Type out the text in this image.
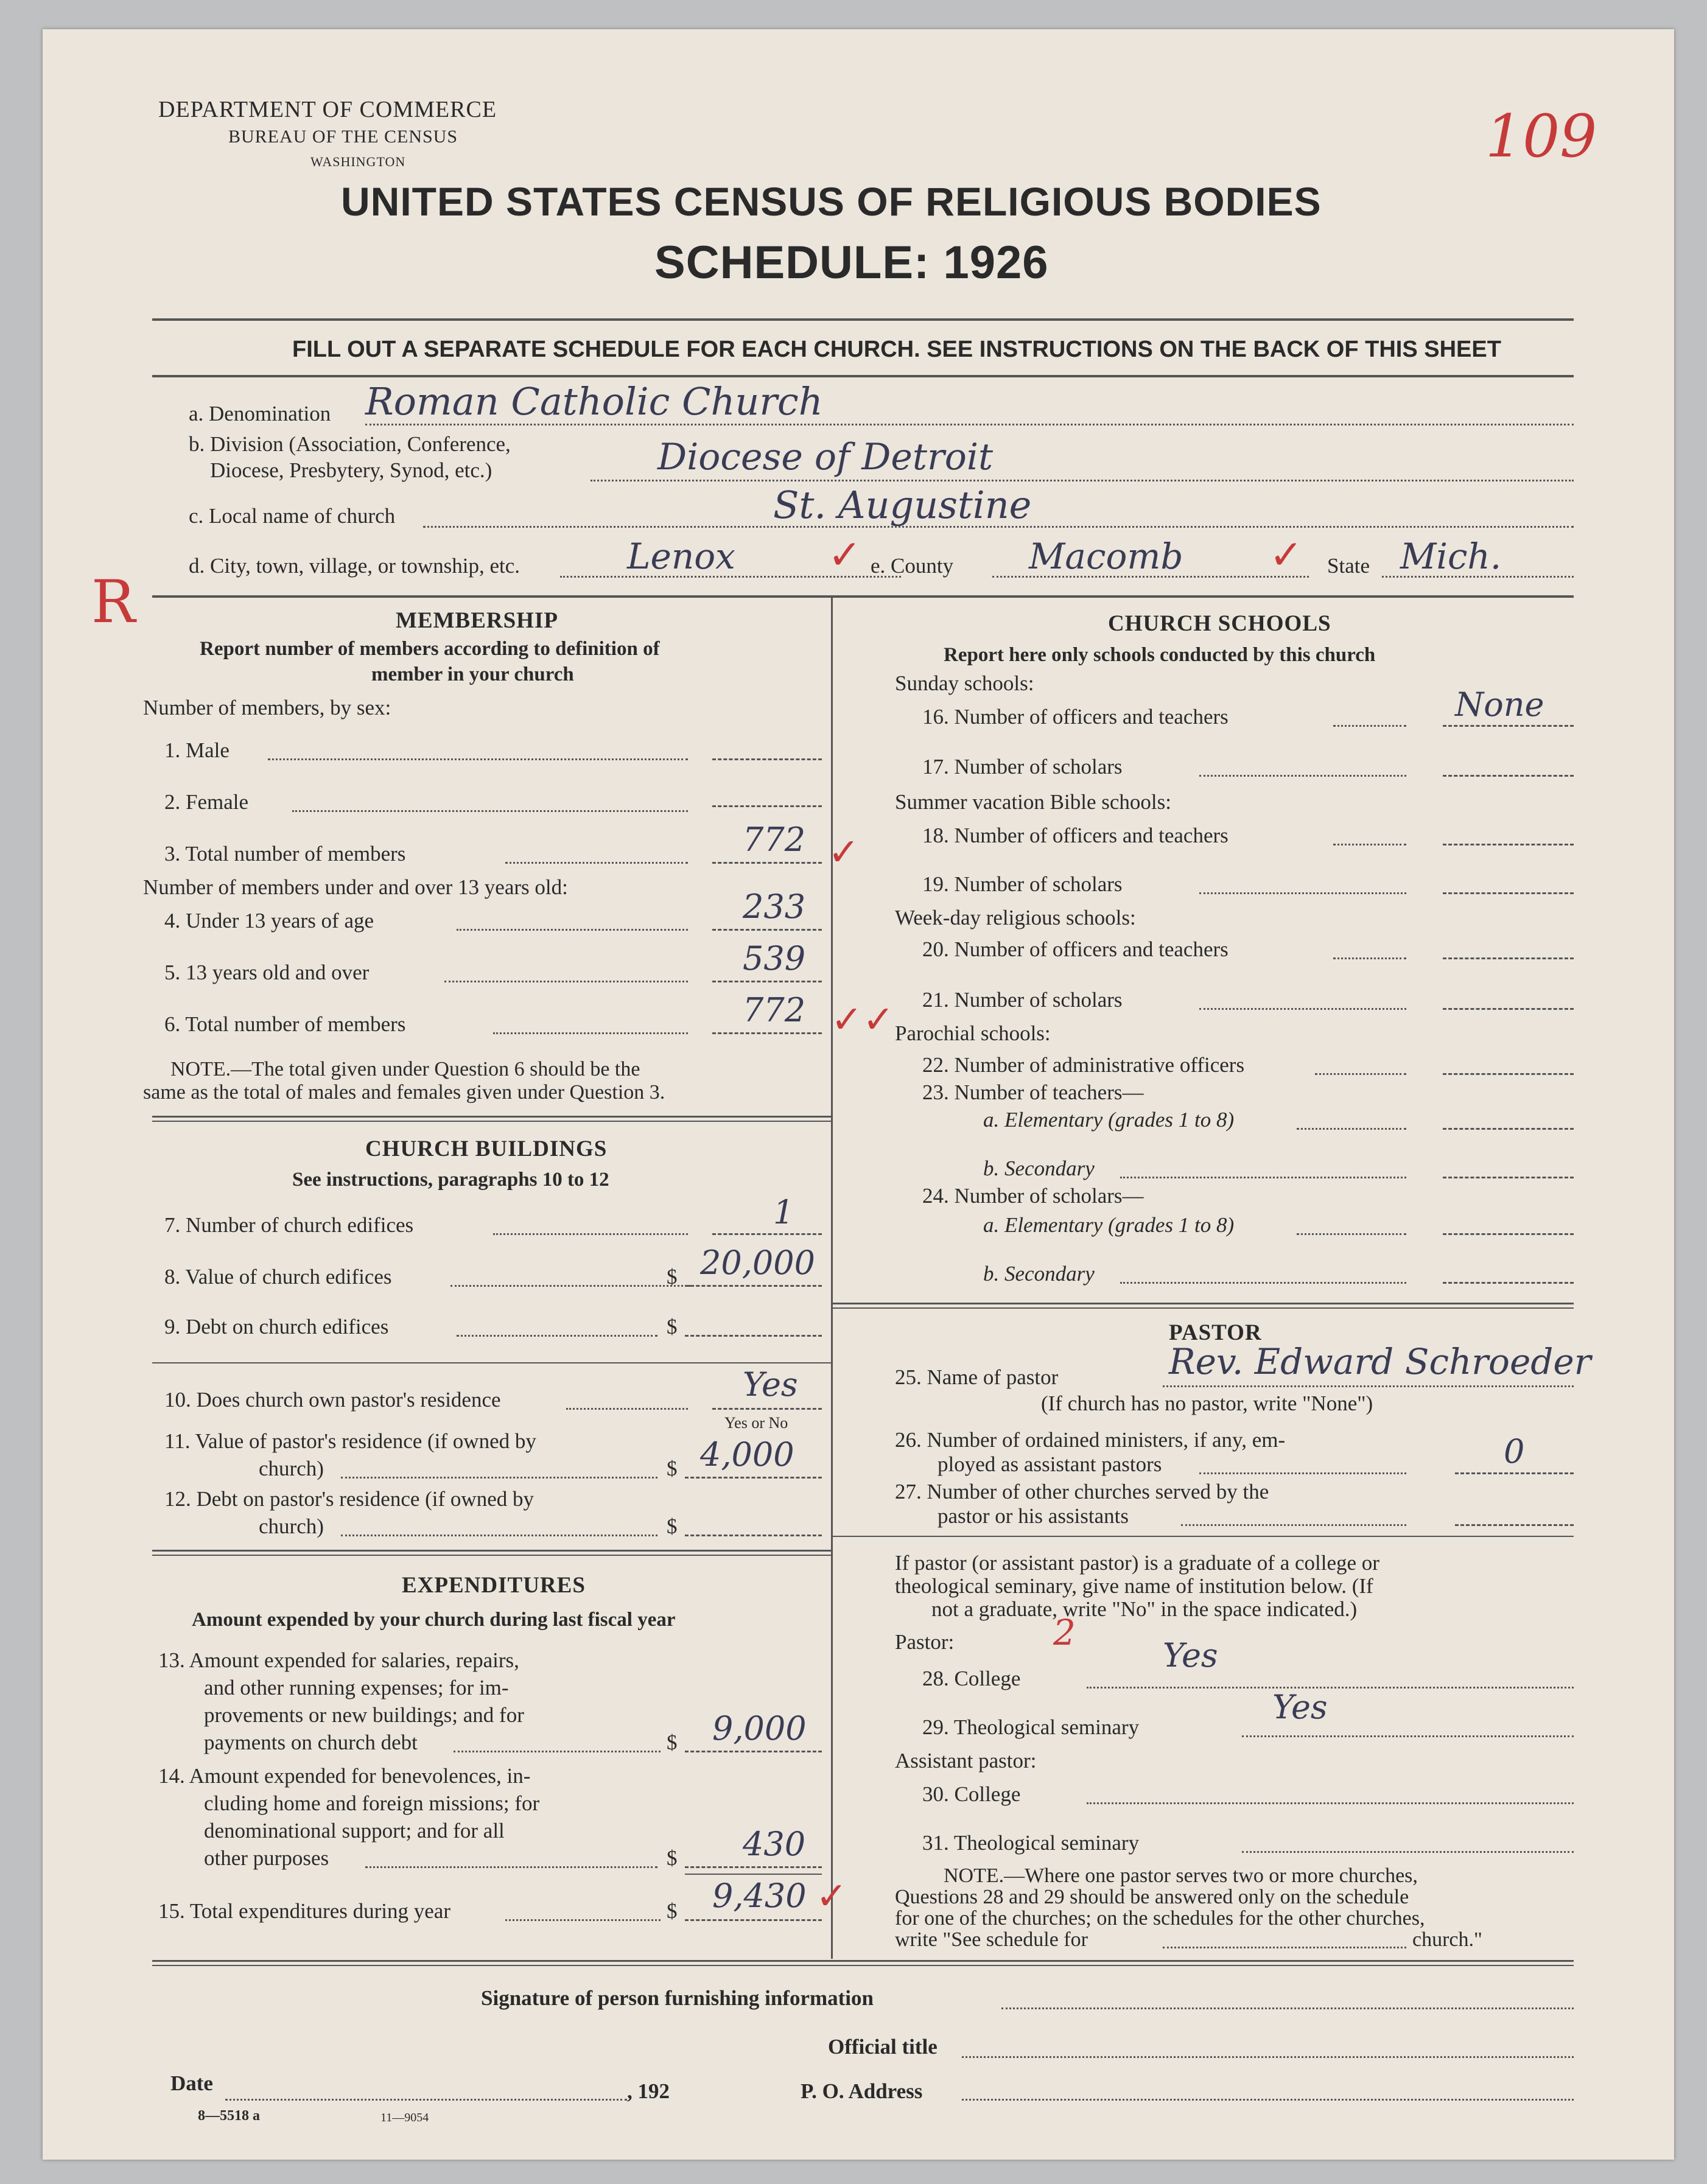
DEPARTMENT OF COMMERCE
BUREAU OF THE CENSUS
WASHINGTON	109
UNITED STATES CENSUS OF RELIGIOUS BODIES
SCHEDULE: 1926
FILL OUT A SEPARATE SCHEDULE FOR EACH CHURCH. SEE INSTRUCTIONS ON THE BACK OF THIS SHEET
a. Denomination Roman Catholic Church
b. Division (Association, Conference,
Diocese, Presbytery, Synod, etc.)	Diocese of Detroit
c. Local name of church	St. Augustine
d. City, town, village, or township, etc.	Lenox ✓ e. County Macomb ✓ State Mich.
R	MEMBERSHIP
Report number of members according to definition of
member in your church
Number of members, by sex:
1. Male
2. Female
3. Total number of members	772 ✓
Number of members under and over 13 years old:
4. Under 13 years of age	233
5. 13 years old and over	539
6. Total number of members	772 ✓✓
NOTE.—The total given under Question 6 should be the
same as the total of males and females given under Question 3.
CHURCH BUILDINGS
See instructions, paragraphs 10 to 12
7. Number of church edifices	1
8. Value of church edifices	$ 20,000
9. Debt on church edifices	$
10. Does church own pastor's residence	Yes
Yes or No
11. Value of pastor's residence (if owned by
church)	$ 4,000
12. Debt on pastor's residence (if owned by
church)	$
EXPENDITURES
Amount expended by your church during last fiscal year
13. Amount expended for salaries, repairs,
and other running expenses; for im-
provements or new buildings; and for
payments on church debt	$ 9,000
14. Amount expended for benevolences, in-
cluding home and foreign missions; for
denominational support; and for all
other purposes	$ 430
15. Total expenditures during year	$ 9,430 ✓
CHURCH SCHOOLS
Report here only schools conducted by this church
Sunday schools:
16. Number of officers and teachers	None
17. Number of scholars
Summer vacation Bible schools:
18. Number of officers and teachers
19. Number of scholars
Week-day religious schools:
20. Number of officers and teachers
21. Number of scholars
Parochial schools:
22. Number of administrative officers
23. Number of teachers—
a. Elementary (grades 1 to 8)
b. Secondary
24. Number of scholars—
a. Elementary (grades 1 to 8)
b. Secondary
PASTOR
25. Name of pastor	Rev. Edward Schroeder
(If church has no pastor, write "None")
26. Number of ordained ministers, if any, em-
ployed as assistant pastors	0
27. Number of other churches served by the
pastor or his assistants
If pastor (or assistant pastor) is a graduate of a college or
theological seminary, give name of institution below. (If
not a graduate, write "No" in the space indicated.)
Pastor:	2
28. College
Yes
29. Theological seminary
Yes
Assistant pastor:
30. College
31. Theological seminary
NOTE.—Where one pastor serves two or more churches,
Questions 28 and 29 should be answered only on the schedule
for one of the churches; on the schedules for the other churches,
write "See schedule for	church."
Signature of person furnishing information
Official title
Date	, 192	P. O. Address
8—5518 a	11—9054
